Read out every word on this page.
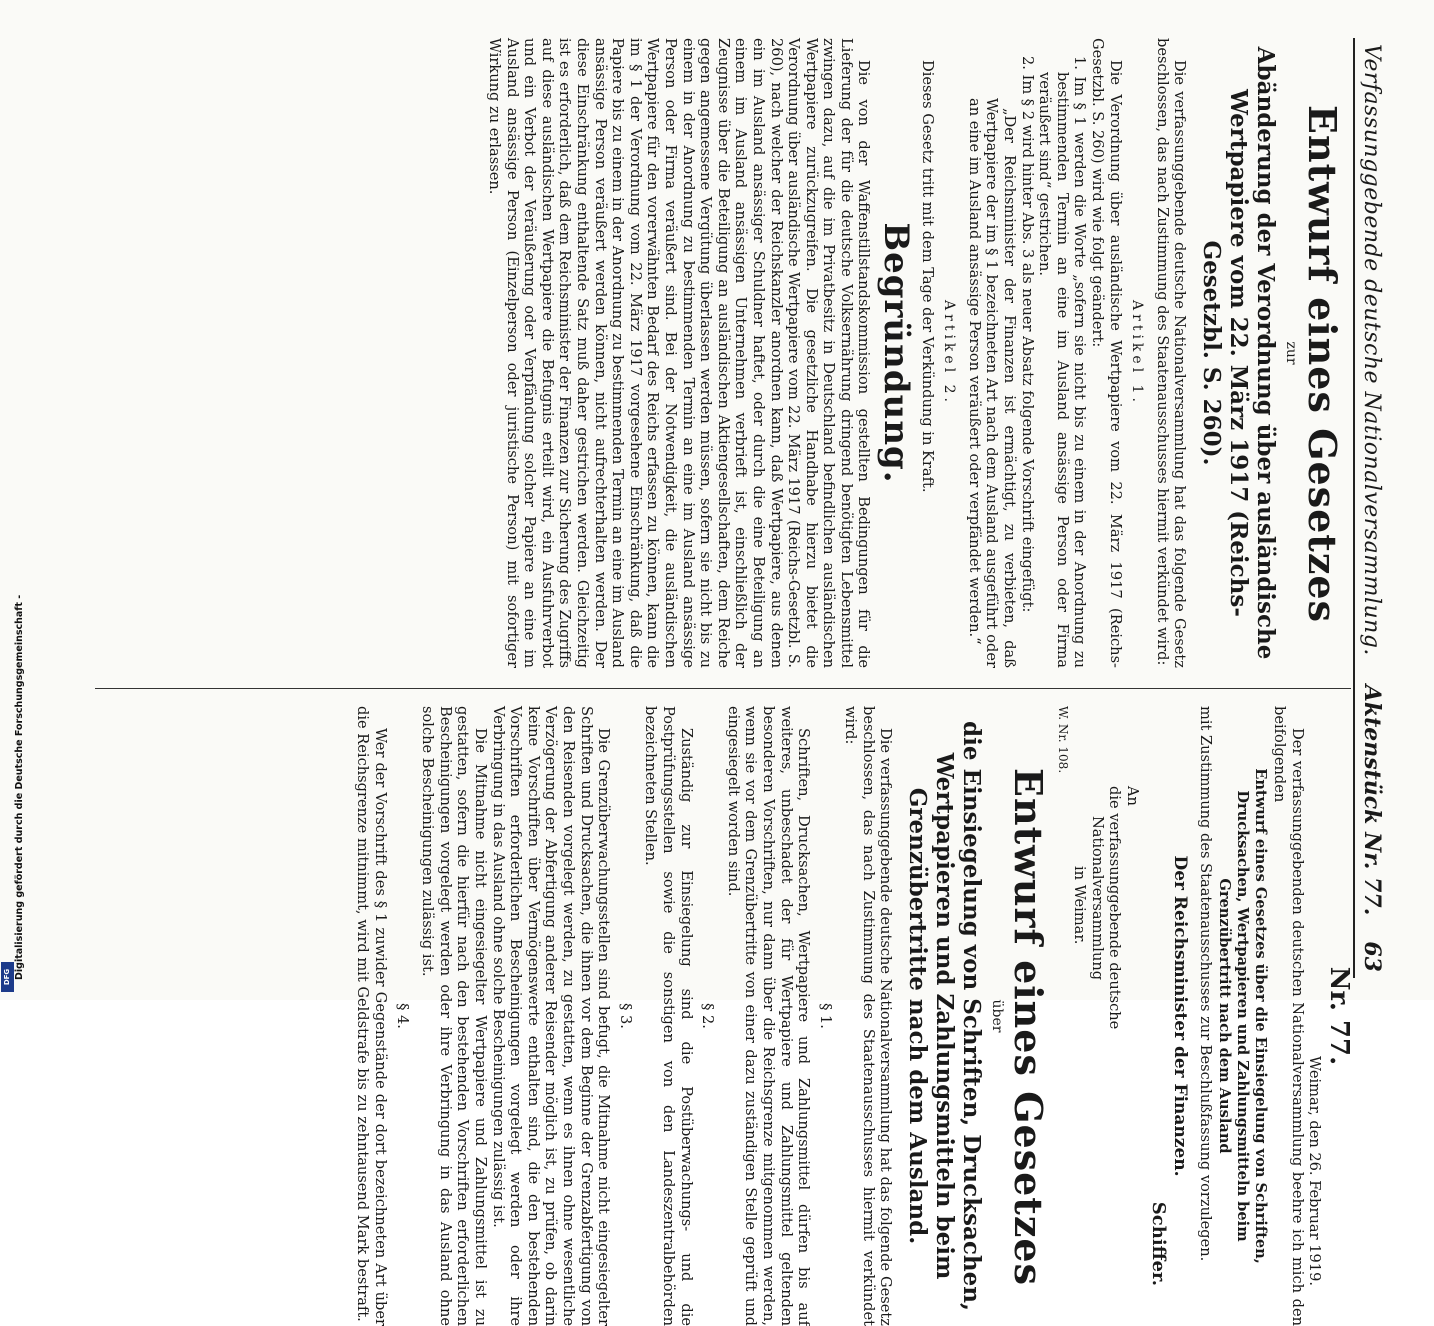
Verfassunggebende deutsche Nationalversammlung.
Aktenstück Nr. 77.
63

Entwurf eines Gesetzes

zur

Abänderung der Verordnung über ausländische Wertpapiere vom 22. März 1917 (Reichs-Gesetzbl. S. 260).

Die verfassunggebende deutsche Nationalversammlung hat das folgende Gesetz beschlossen, das nach Zustimmung des Staatenausschusses hiermit verkündet wird:

Artikel 1.

Die Verordnung über ausländische Wertpapiere vom 22. März 1917 (Reichs-Gesetzbl. S. 260) wird wie folgt geändert:

1. Im § 1 werden die Worte „sofern sie nicht bis zu einem in der Anordnung zu bestimmenden Termin an eine im Ausland ansässige Person oder Firma veräußert sind“ gestrichen.

2. Im § 2 wird hinter Abs. 3 als neuer Absatz folgende Vorschrift eingefügt:

„Der Reichsminister der Finanzen ist ermächtigt, zu verbieten, daß Wertpapiere der im § 1 bezeichneten Art nach dem Ausland ausgeführt oder an eine im Ausland ansässige Person veräußert oder verpfändet werden.“

Artikel 2.

Dieses Gesetz tritt mit dem Tage der Verkündung in Kraft.

Begründung.

Die von der Waffenstillstandskommission gestellten Bedingungen für die Lieferung der für die deutsche Volksernährung dringend benötigten Lebensmittel zwingen dazu, auf die im Privatbesitz in Deutschland befindlichen ausländischen Wertpapiere zurückzugreifen. Die gesetzliche Handhabe hierzu bietet die Verordnung über ausländische Wertpapiere vom 22. März 1917 (Reichs-Gesetzbl. S. 260), nach welcher der Reichskanzler anordnen kann, daß Wertpapiere, aus denen ein im Ausland ansässiger Schuldner haftet, oder durch die eine Beteiligung an einem im Ausland ansässigen Unternehmen verbrieft ist, einschließlich der Zeugnisse über die Beteiligung an ausländischen Aktiengesellschaften, dem Reiche gegen angemessene Vergütung überlassen werden müssen, sofern sie nicht bis zu einem in der Anordnung zu bestimmenden Termin an eine im Ausland ansässige Person oder Firma veräußert sind. Bei der Notwendigkeit, die ausländischen Wertpapiere für den vorerwähnten Bedarf des Reichs erfassen zu können, kann die im § 1 der Verordnung vom 22. März 1917 vorgesehene Einschränkung, daß die Papiere bis zu einem in der Anordnung zu bestimmenden Termin an eine im Ausland ansässige Person veräußert werden können, nicht aufrechterhalten werden. Der diese Einschränkung enthaltende Satz muß daher gestrichen werden. Gleichzeitig ist es erforderlich, daß dem Reichsminister der Finanzen zur Sicherung des Zugriffs auf diese ausländischen Wertpapiere die Befugnis erteilt wird, ein Ausfuhrverbot und ein Verbot der Veräußerung oder Verpfändung solcher Papiere an eine im Ausland ansässige Person (Einzelperson oder juristische Person) mit sofortiger Wirkung zu erlassen.

Nr. 77.

Weimar, den 26. Februar 1919.

Der verfassunggebenden deutschen Nationalversammlung beehre ich mich den beifolgenden

Entwurf eines Gesetzes über die Einsiegelung von Schriften, Drucksachen, Wertpapieren und Zahlungsmitteln beim Grenzübertritt nach dem Ausland

mit Zustimmung des Staatenausschusses zur Beschlußfassung vorzulegen.

Der Reichsminister der Finanzen.

Schiffer.

An

die verfassunggebende deutsche

Nationalversammlung

in Weimar.

W. Nr. 108.

Entwurf eines Gesetzes

über

die Einsiegelung von Schriften, Drucksachen, Wertpapieren und Zahlungsmitteln beim Grenzübertritte nach dem Ausland.

Die verfassunggebende deutsche Nationalversammlung hat das folgende Gesetz beschlossen, das nach Zustimmung des Staatenausschusses hiermit verkündet wird:

§ 1.

Schriften, Drucksachen, Wertpapiere und Zahlungsmittel dürfen bis auf weiteres, unbeschadet der für Wertpapiere und Zahlungsmittel geltenden besonderen Vorschriften, nur dann über die Reichsgrenze mitgenommen werden, wenn sie vor dem Grenzübertritte von einer dazu zuständigen Stelle geprüft und eingesiegelt worden sind.

§ 2.

Zuständig zur Einsiegelung sind die Postüberwachungs- und die Postprüfungsstellen sowie die sonstigen von den Landeszentralbehörden bezeichneten Stellen.

§ 3.

Die Grenzüberwachungsstellen sind befugt, die Mitnahme nicht eingesiegelter Schriften und Drucksachen, die ihnen vor dem Beginne der Grenzabfertigung von den Reisenden vorgelegt werden, zu gestatten, wenn es ihnen ohne wesentliche Verzögerung der Abfertigung anderer Reisender möglich ist, zu prüfen, ob darin keine Vorschriften über Vermögenswerte enthalten sind, die den bestehenden Vorschriften erforderlichen Bescheinigungen vorgelegt werden oder ihre Verbringung in das Ausland ohne solche Bescheinigungen zulässig ist.

Die Mitnahme nicht eingesiegelter Wertpapiere und Zahlungsmittel ist zu gestatten, sofern die hierfür nach den bestehenden Vorschriften erforderlichen Bescheinigungen vorgelegt werden oder ihre Verbringung in das Ausland ohne solche Bescheinigungen zulässig ist.

§ 4.

Wer der Vorschrift des § 1 zuwider Gegenstände der dort bezeichneten Art über die Reichsgrenze mitnimmt, wird mit Geldstrafe bis zu zehntausend Mark bestraft.

Digitalisierung gefördert durch die Deutsche Forschungsgemeinschaft -
DFG
